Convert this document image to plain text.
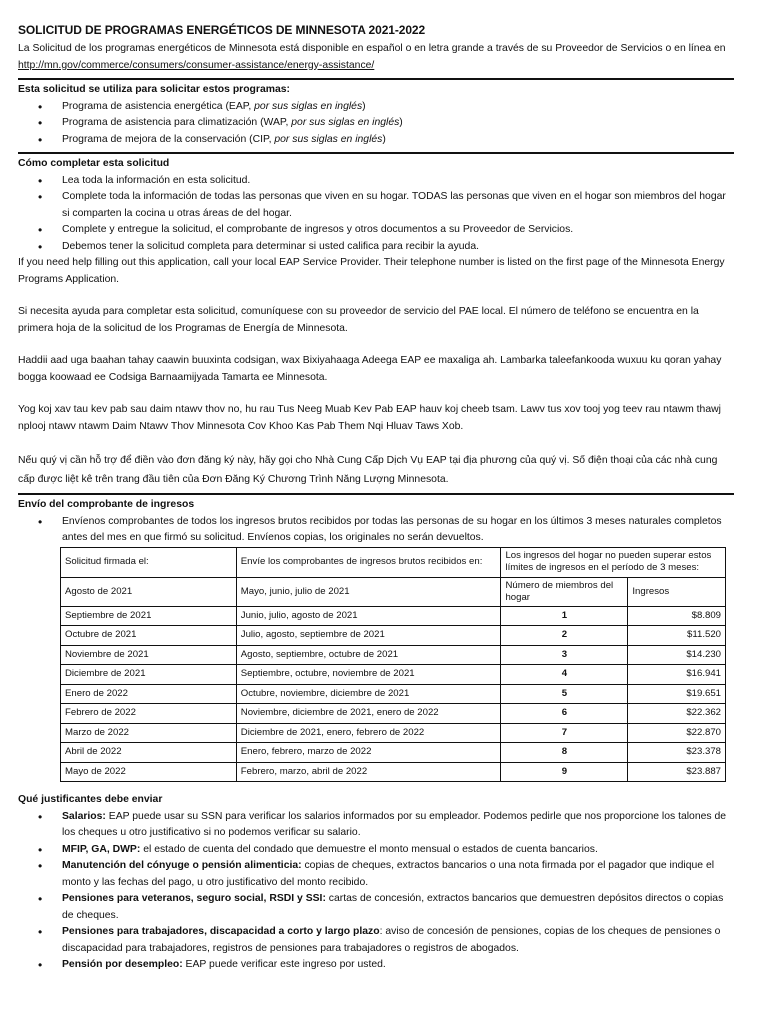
SOLICITUD DE PROGRAMAS ENERGÉTICOS DE MINNESOTA 2021-2022

La Solicitud de los programas energéticos de Minnesota está disponible en español o en letra grande a través de su Proveedor de Servicios o en línea en http://mn.gov/commerce/consumers/consumer-assistance/energy-assistance/

Esta solicitud se utiliza para solicitar estos programas:
• Programa de asistencia energética (EAP, por sus siglas en inglés)
• Programa de asistencia para climatización (WAP, por sus siglas en inglés)
• Programa de mejora de la conservación (CIP, por sus siglas en inglés)
Cómo completar esta solicitud
• Lea toda la información en esta solicitud.
• Complete toda la información de todas las personas que viven en su hogar. TODAS las personas que viven en el hogar son miembros del hogar si comparten la cocina u otras áreas de del hogar.
• Complete y entregue la solicitud, el comprobante de ingresos y otros documentos a su Proveedor de Servicios.
• Debemos tener la solicitud completa para determinar si usted califica para recibir la ayuda.

If you need help filling out this application, call your local EAP Service Provider. Their telephone number is listed on the first page of the Minnesota Energy Programs Application.

Si necesita ayuda para completar esta solicitud, comuníquese con su proveedor de servicio del PAE local. El número de teléfono se encuentra en la primera hoja de la solicitud de los Programas de Energía de Minnesota.

Haddii aad uga baahan tahay caawin buuxinta codsigan, wax Bixiyahaaga Adeega EAP ee maxaliga ah. Lambarka taleefankooda wuxuu ku qoran yahay bogga koowaad ee Codsiga Barnaamijyada Tamarta ee Minnesota.

Yog koj xav tau kev pab sau daim ntawv thov no, hu rau Tus Neeg Muab Kev Pab EAP hauv koj cheeb tsam. Lawv tus xov tooj yog teev rau ntawm thawj nplooj ntawv ntawm Daim Ntawv Thov Minnesota Cov Khoo Kas Pab Them Nqi Hluav Taws Xob.

Nếu quý vị cần hỗ trợ để điền vào đơn đăng ký này, hãy gọi cho Nhà Cung Cấp Dịch Vụ EAP tại địa phương của quý vị. Số điện thoại của các nhà cung cấp được liệt kê trên trang đầu tiên của Đơn Đăng Ký Chương Trình Năng Lượng Minnesota.

Envío del comprobante de ingresos
• Envíenos comprobantes de todos los ingresos brutos recibidos por todas las personas de su hogar en los últimos 3 meses naturales completos antes del mes en que firmó su solicitud. Envíenos copias, los originales no serán devueltos.
Solicitud firmada el:	Envíe los comprobantes de ingresos brutos recibidos en:	Los ingresos del hogar no pueden superar estos límites de ingresos en el período de 3 meses:	

Agosto de 2021	Mayo, junio, julio de 2021	Número de miembros del hogar	Ingresos
Septiembre de 2021	Junio, julio, agosto de 2021	1	$8.809
Octubre de 2021	Julio, agosto, septiembre de 2021	2	$11.520
Noviembre de 2021	Agosto, septiembre, octubre de 2021	3	$14.230
Diciembre de 2021	Septiembre, octubre, noviembre de 2021	4	$16.941
Enero de 2022	Octubre, noviembre, diciembre de 2021	5	$19.651
Febrero de 2022	Noviembre, diciembre de 2021, enero de 2022	6	$22.362
Marzo de 2022	Diciembre de 2021, enero, febrero de 2022	7	$22.870
Abril de 2022	Enero, febrero, marzo de 2022	8	$23.378
Mayo de 2022	Febrero, marzo, abril de 2022	9	$23.887
Qué justificantes debe enviar
• Salarios: EAP puede usar su SSN para verificar los salarios informados por su empleador. Podemos pedirle que nos proporcione los talones de los cheques u otro justificativo si no podemos verificar su salario.
• MFIP, GA, DWP: el estado de cuenta del condado que demuestre el monto mensual o estados de cuenta bancarios.
• Manutención del cónyuge o pensión alimenticia: copias de cheques, extractos bancarios o una nota firmada por el pagador que indique el monto y las fechas del pago, u otro justificativo del monto recibido.
• Pensiones para veteranos, seguro social, RSDI y SSI: cartas de concesión, extractos bancarios que demuestren depósitos directos o copias de cheques.
• Pensiones para trabajadores, discapacidad a corto y largo plazo: aviso de concesión de pensiones, copias de los cheques de pensiones o discapacidad para trabajadores, registros de pensiones para trabajadores o registros de abogados.
• Pensión por desempleo: EAP puede verificar este ingreso por usted.
